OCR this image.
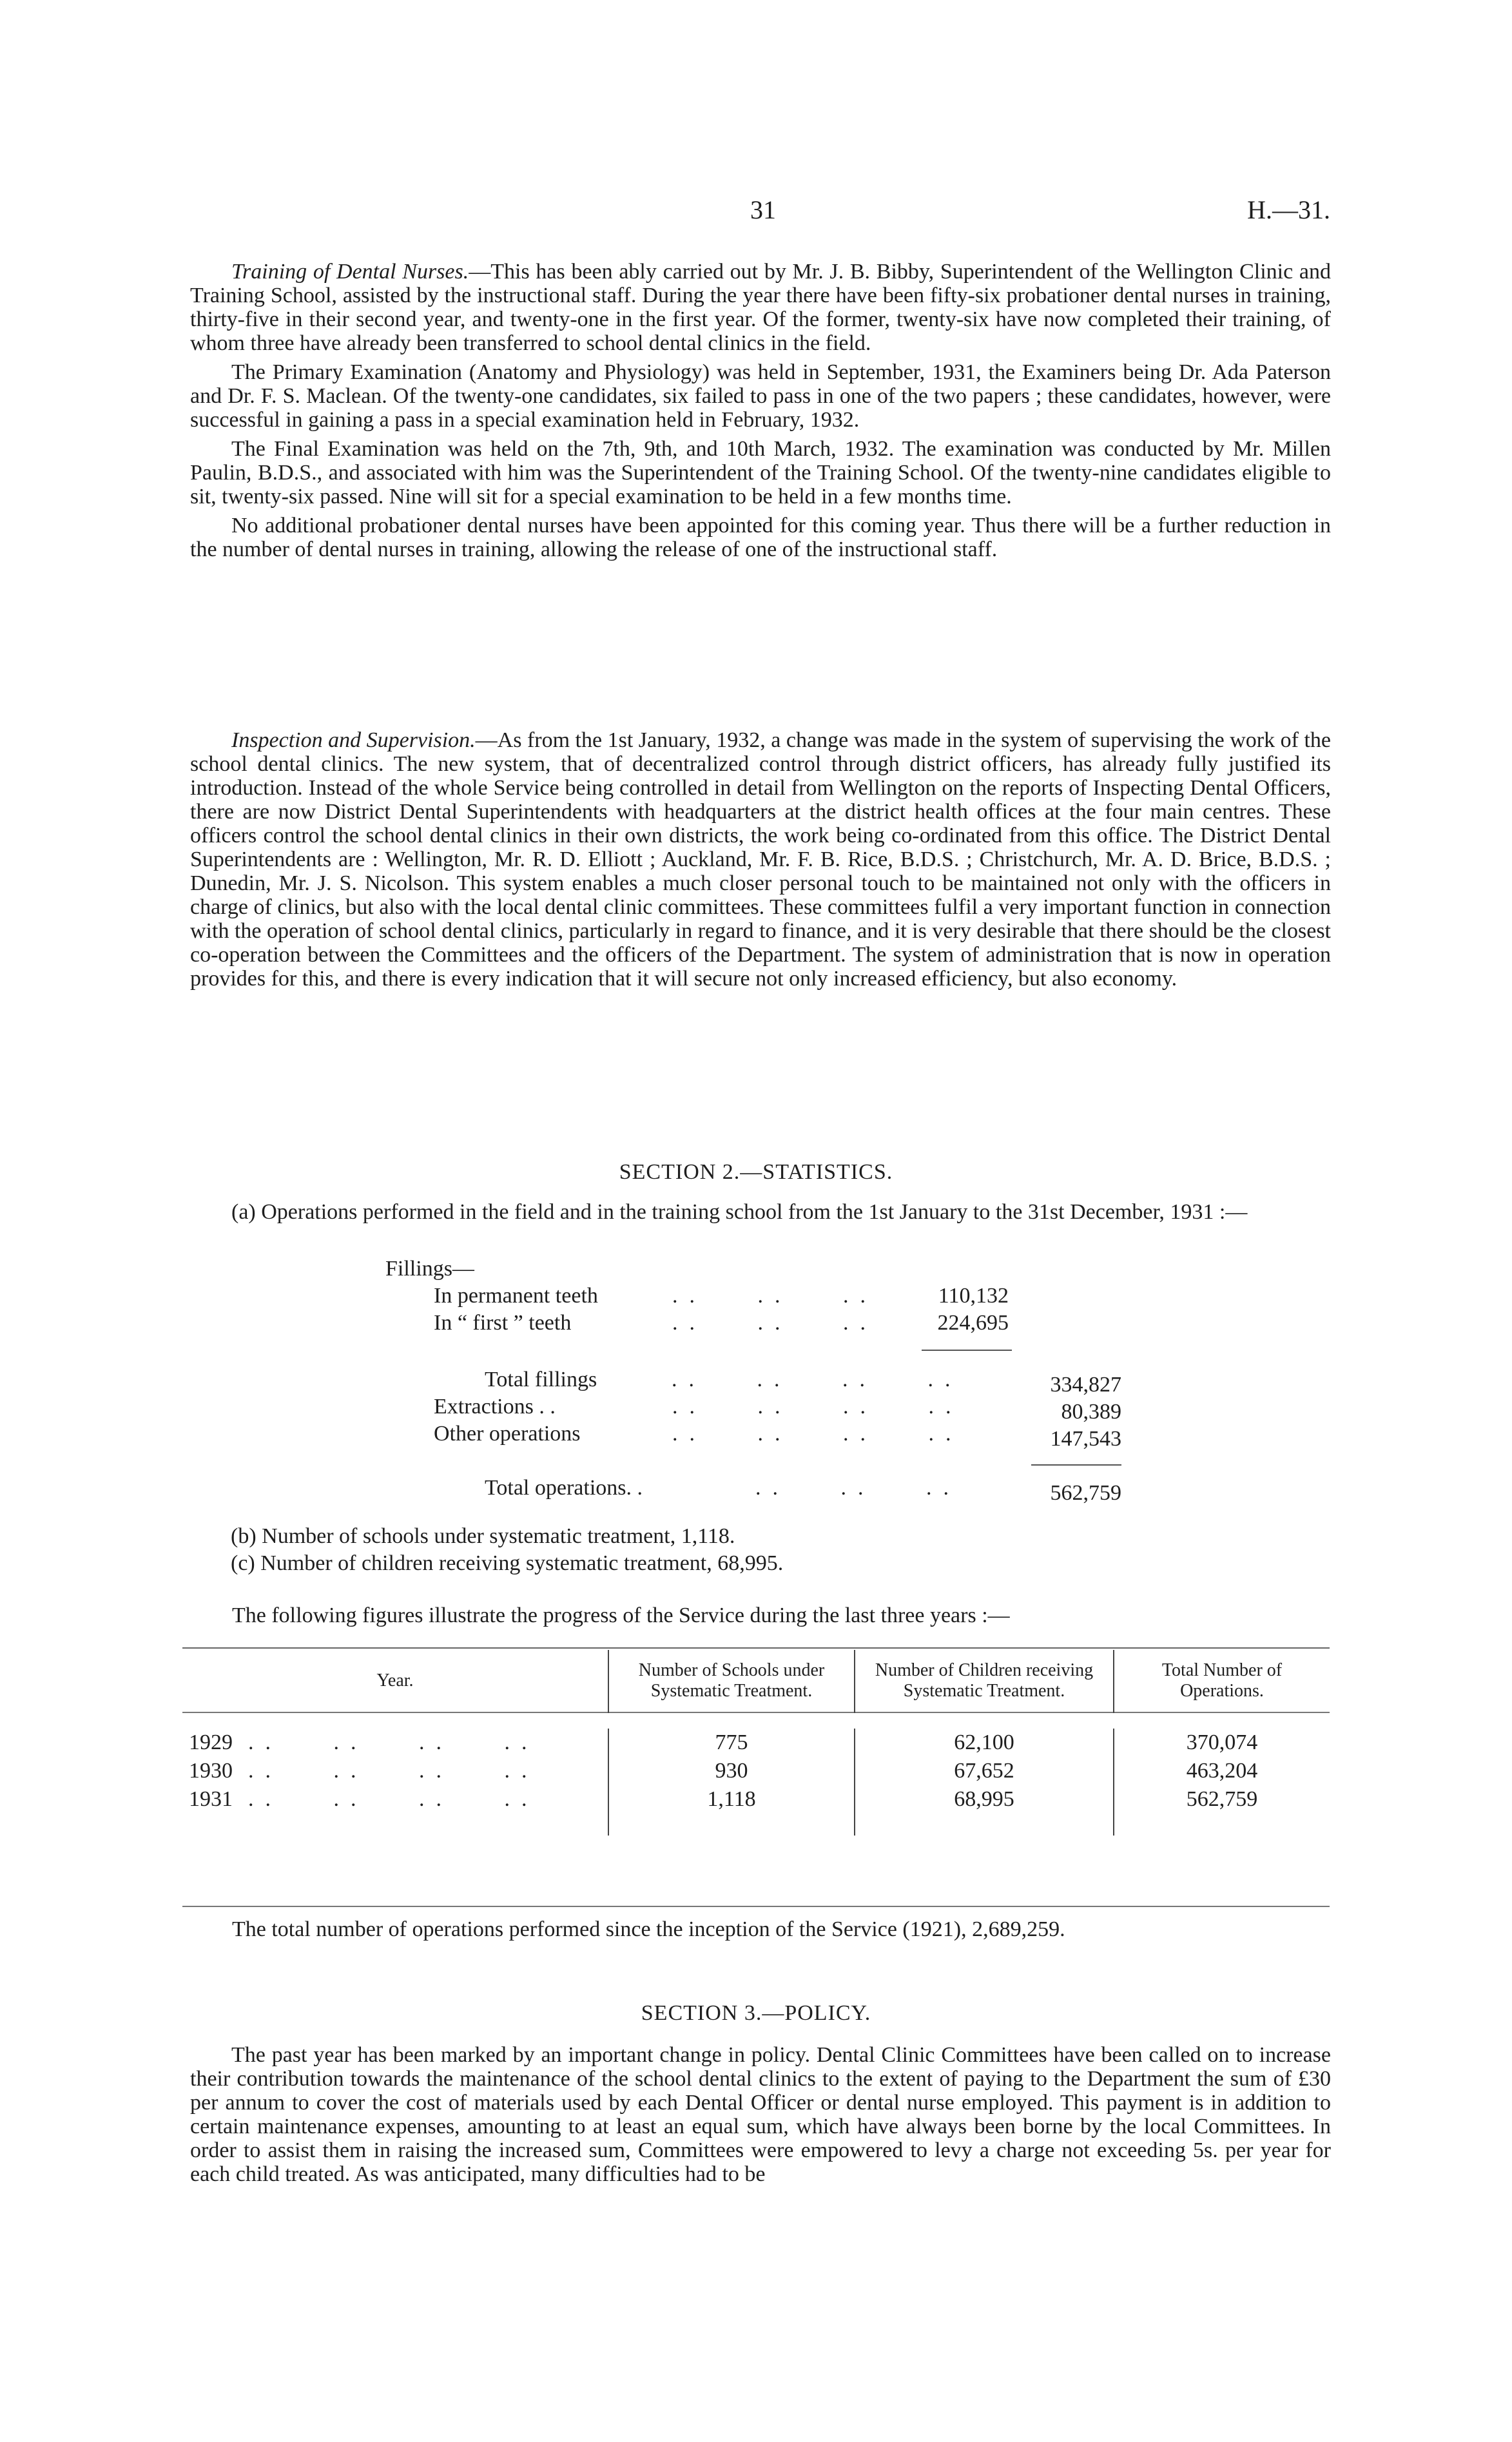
31	H.—31.

Training of Dental Nurses.—This has been ably carried out by Mr. J. B. Bibby, Superintendent of the Wellington Clinic and Training School, assisted by the instructional staff. During the year there have been fifty-six probationer dental nurses in training, thirty-five in their second year, and twenty-one in the first year. Of the former, twenty-six have now completed their training, of whom three have already been transferred to school dental clinics in the field.

The Primary Examination (Anatomy and Physiology) was held in September, 1931, the Examiners being Dr. Ada Paterson and Dr. F. S. Maclean. Of the twenty-one candidates, six failed to pass in one of the two papers ; these candidates, however, were successful in gaining a pass in a special examination held in February, 1932.

The Final Examination was held on the 7th, 9th, and 10th March, 1932. The examination was conducted by Mr. Millen Paulin, B.D.S., and associated with him was the Superintendent of the Training School. Of the twenty-nine candidates eligible to sit, twenty-six passed. Nine will sit for a special examination to be held in a few months time.

No additional probationer dental nurses have been appointed for this coming year. Thus there will be a further reduction in the number of dental nurses in training, allowing the release of one of the instructional staff.

Inspection and Supervision.—As from the 1st January, 1932, a change was made in the system of supervising the work of the school dental clinics. The new system, that of decentralized control through district officers, has already fully justified its introduction. Instead of the whole Service being controlled in detail from Wellington on the reports of Inspecting Dental Officers, there are now District Dental Superintendents with headquarters at the district health offices at the four main centres. These officers control the school dental clinics in their own districts, the work being co-ordinated from this office. The District Dental Superintendents are : Wellington, Mr. R. D. Elliott ; Auckland, Mr. F. B. Rice, B.D.S. ; Christchurch, Mr. A. D. Brice, B.D.S. ; Dunedin, Mr. J. S. Nicolson. This system enables a much closer personal touch to be maintained not only with the officers in charge of clinics, but also with the local dental clinic committees. These committees fulfil a very important function in connection with the operation of school dental clinics, particularly in regard to finance, and it is very desirable that there should be the closest co-operation between the Committees and the officers of the Department. The system of administration that is now in operation provides for this, and there is every indication that it will secure not only increased efficiency, but also economy.

SECTION 2.—STATISTICS.

(a) Operations performed in the field and in the training school from the 1st January to the 31st December, 1931 :—

Fillings—
In permanent teeth	..   ..   ..	110,132
In “ first ” teeth	..   ..   ..	224,695
Total fillings	..   ..   ..   ..	334,827
Extractions . .	..   ..   ..   ..	80,389
Other operations	..   ..   ..   ..	147,543
Total operations. .	..   ..   ..	562,759
(b) Number of schools under systematic treatment, 1,118.
(c) Number of children receiving systematic treatment, 68,995.
The following figures illustrate the progress of the Service during the last three years :—
Year.	Number of Schools under Systematic Treatment.	Number of Children receiving Systematic Treatment.	Total Number of Operations.

1929 ..   ..   ..   ..	775	62,100	370,074
1930 ..   ..   ..   ..	930	67,652	463,204
1931 ..   ..   ..   ..	1,118	68,995	562,759

The total number of operations performed since the inception of the Service (1921), 2,689,259.
SECTION 3.—POLICY.

The past year has been marked by an important change in policy. Dental Clinic Committees have been called on to increase their contribution towards the maintenance of the school dental clinics to the extent of paying to the Department the sum of £30 per annum to cover the cost of materials used by each Dental Officer or dental nurse employed. This payment is in addition to certain maintenance expenses, amounting to at least an equal sum, which have always been borne by the local Committees. In order to assist them in raising the increased sum, Committees were empowered to levy a charge not exceeding 5s. per year for each child treated. As was anticipated, many difficulties had to be
